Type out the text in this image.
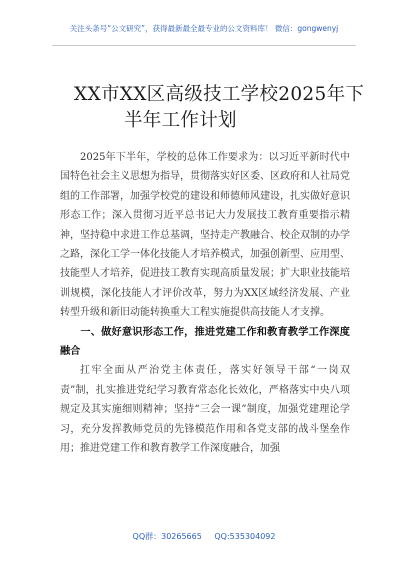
关注头条号“公文研究”，获得最新最全最专业的公文资料库！ 微信：gongwenyj
XX市XX区高级技工学校2025年下
半年工作计划

2025年下半年，学校的总体工作要求为：以习近平新时代中国特色社会主义思想为指导，贯彻落实好区委、区政府和人社局党组的工作部署，加强学校党的建设和师德师风建设，扎实做好意识形态工作；深入贯彻习近平总书记大力发展技工教育重要指示精神，坚持稳中求进工作总基调，坚持走产教融合、校企双制的办学之路，深化工学一体化技能人才培养模式，加强创新型、应用型、技能型人才培养，促进技工教育实现高质量发展；扩大职业技能培训规模，深化技能人才评价改革，努力为XX区域经济发展、产业转型升级和新旧动能转换重大工程实施提供高技能人才支撑。

一、做好意识形态工作，推进党建工作和教育教学工作深度融合

扛牢全面从严治党主体责任，落实好领导干部“一岗双责”制，扎实推进党纪学习教育常态化长效化，严格落实中央八项规定及其实施细则精神；坚持“三会一课”制度，加强党建理论学习，充分发挥教师党员的先锋模范作用和各党支部的战斗堡垒作用；推进党建工作和教育教学工作深度融合，加强

QQ群：30265665 QQ:535304092
